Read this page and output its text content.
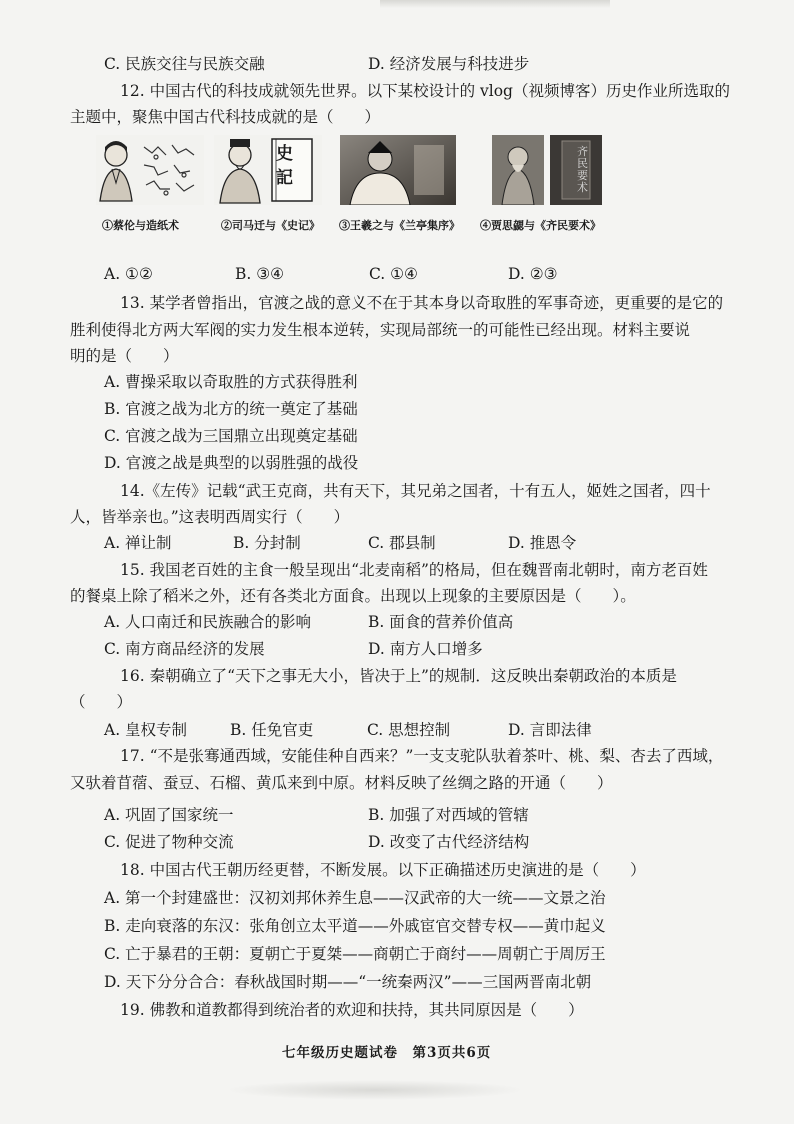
C. 民族交往与民族交融	D. 经济发展与科技进步
12. 中国古代的科技成就领先世界。以下某校设计的 vlog（视频博客）历史作业所选取的
主题中，聚焦中国古代科技成就的是（　　）
史
記
齐民要术
①蔡伦与造纸术	②司马迁与《史记》 ③王羲之与《兰亭集序》 ④贾思勰与《齐民要术》
A. ①②	B. ③④	C. ①④	D. ②③
13. 某学者曾指出，官渡之战的意义不在于其本身以奇取胜的军事奇迹，更重要的是它的
胜利使得北方两大军阀的实力发生根本逆转，实现局部统一的可能性已经出现。材料主要说
明的是（　　）
A. 曹操采取以奇取胜的方式获得胜利
B. 官渡之战为北方的统一奠定了基础
C. 官渡之战为三国鼎立出现奠定基础
D. 官渡之战是典型的以弱胜强的战役
14.《左传》记载“武王克商，共有天下，其兄弟之国者，十有五人，姬姓之国者，四十
人，皆举亲也。”这表明西周实行（　　）
A. 禅让制	B. 分封制	C. 郡县制	D. 推恩令
15. 我国老百姓的主食一般呈现出“北麦南稻”的格局，但在魏晋南北朝时，南方老百姓
的餐桌上除了稻米之外，还有各类北方面食。出现以上现象的主要原因是（　　）。
A. 人口南迁和民族融合的影响	B. 面食的营养价值高
C. 南方商品经济的发展	D. 南方人口增多
16. 秦朝确立了“天下之事无大小，皆决于上”的规制．这反映出秦朝政治的本质是
（　　）
A. 皇权专制	B. 任免官吏	C. 思想控制	D. 言即法律
17. “不是张骞通西域，安能佳种自西来？”一支支驼队驮着茶叶、桃、梨、杏去了西域，
又驮着苜蓿、蚕豆、石榴、黄瓜来到中原。材料反映了丝绸之路的开通（　　）
A. 巩固了国家统一	B. 加强了对西域的管辖
C. 促进了物种交流	D. 改变了古代经济结构
18. 中国古代王朝历经更替，不断发展。以下正确描述历史演进的是（　　）
A. 第一个封建盛世：汉初刘邦休养生息——汉武帝的大一统——文景之治
B. 走向衰落的东汉：张角创立太平道——外戚宦官交替专权——黄巾起义
C. 亡于暴君的王朝：夏朝亡于夏桀——商朝亡于商纣——周朝亡于周厉王
D. 天下分分合合：春秋战国时期——“一统秦两汉”——三国两晋南北朝
19. 佛教和道教都得到统治者的欢迎和扶持，其共同原因是（　　）
七年级历史题试卷　第3页共6页
